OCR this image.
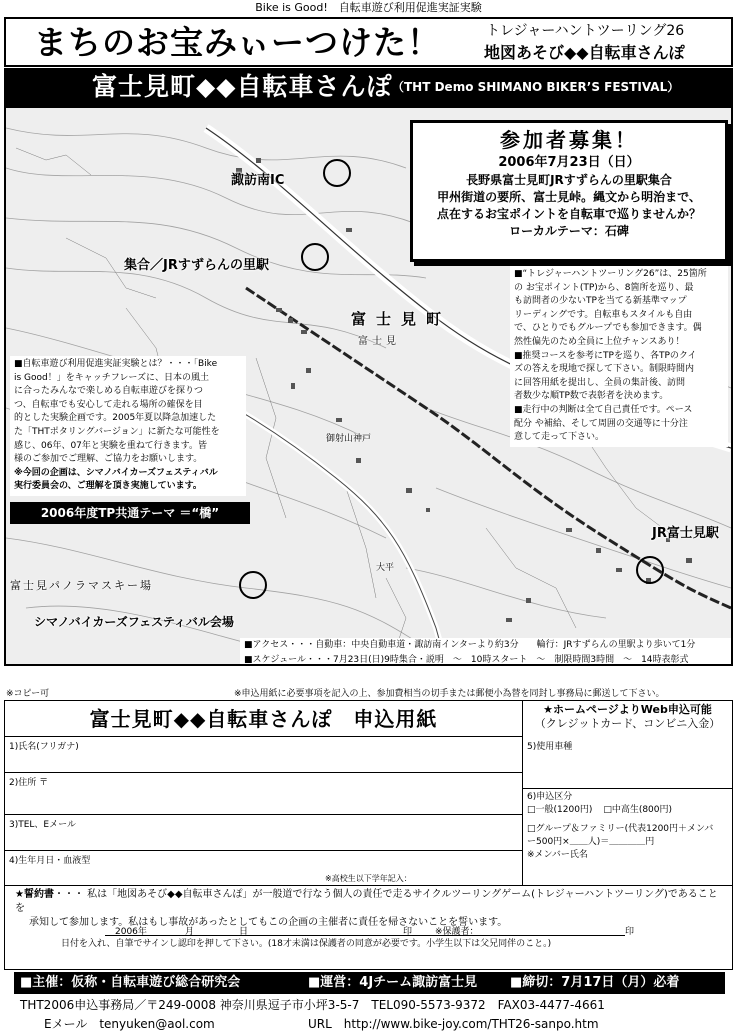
Bike is Good!　自転車遊び利用促進実証実験
まちのお宝みぃーつけた！	トレジャーハントツーリング26
地図あそび◆◆自転車さんぽ
富士見町◆◆自転車さんぽ （THT Demo SHIMANO BIKER’S FESTIVAL）
諏訪南IC
集合／JRすずらんの里駅
富士見町
富士見
御射山神戸
大平
JR富士見駅
富士見パノラマスキー場
シマノバイカーズフェスティバル会場
参加者募集！
2006年7月23日（日）
長野県富士見町JRすずらんの里駅集合
甲州街道の要所、富士見峠。縄文から明治まで、
点在するお宝ポイントを自転車で巡りませんか？
ローカルテーマ：石碑

■“トレジャーハントツーリング26”は、25箇所

の お宝ポイント(TP)から、8箇所を巡り、最

も訪問者の少ないTPを当てる新基準マップ

リーディングです。自転車もスタイルも自由

で、ひとりでもグループでも参加できます。偶

然性偏先のため全員に上位チャンスあり！

■推奨コースを参考にTPを巡り、各TPのクイ

ズの答えを現地で探して下さい。制限時間内

に回答用紙を提出し、全員の集計後、訪問

者数少な順TP数で表彰者を決めます。

■走行中の判断は全て自己責任です。ペース

配分 や補給、そして周囲の交通等に十分注

意して走って下さい。

■自転車遊び利用促進実証実験とは？・・・「Bike

is Good！」をキャッチフレーズに、日本の風土

に合ったみんなで楽しめる自転車遊びを探りつ

つ、自転車でも安心して走れる場所の確保を目

的とした実験企画です。2005年夏以降急加速した

た「THTポタリングバージョン」に新たな可能性を

感じ、06年、07年と実験を重ねて行きます。皆

様のご参加でご理解、ご協力をお願いします。

※今回の企画は、シマノバイカーズフェスティバル

実行委員会の、ご理解を頂き実施しています。

2006年度TP共通テーマ ＝“橋”
■アクセス・・・自動車：中央自動車道・諏訪南インターより約3分　　輪行：JRすずらんの里駅より歩いて1分
■スケジュール・・・7月23日(日)9時集合・説明　～　10時スタート　～　制限時間3時間　～　14時表彰式
※コピー可	※申込用紙に必要事項を記入の上、参加費相当の切手または郵便小為替を同封し事務局に郵送して下さい。
富士見町◆◆自転車さんぽ　申込用紙	★ホームページよりWeb申込可能
（クレジットカード、コンビニ入金）
1)氏名(フリガナ)
2)住所 〒
3)TEL、Eメール
4)生年月日・血液型
※高校生以下学年記入：
5)使用車種
6)申込区分
□一般(1200円) □中高生(800円)
□グループ＆ファミリー(代表1200円＋メンバ
ー500円×＿＿人)＝＿＿＿＿円
※メンバー氏名
★誓約書・・・ 私は「地図あそび◆◆自転車さんぽ」が一般道で行なう個人の責任で走るサイクルツーリングゲーム(トレジャーハントツーリング)であることを
承知して参加します。私はもし事故があったとしてもこの企画の主催者に責任を帰さないことを誓います。
2006年	月	日	印	※保護者：	印
日付を入れ、自筆でサインし認印を押して下さい。(18才未満は保護者の同意が必要です。小学生以下は父兄同伴のこと。)
■主催：仮称・自転車遊び総合研究会	■運営：4Jチーム諏訪富士見	■締切：7月17日（月）必着
THT2006申込事務局／〒249-0008 神奈川県逗子市小坪3-5-7　TEL090-5573-9372　FAX03-4477-4661
Eメール　tenyuken@aol.com	URL　http://www.bike-joy.com/THT26-sanpo.htm
